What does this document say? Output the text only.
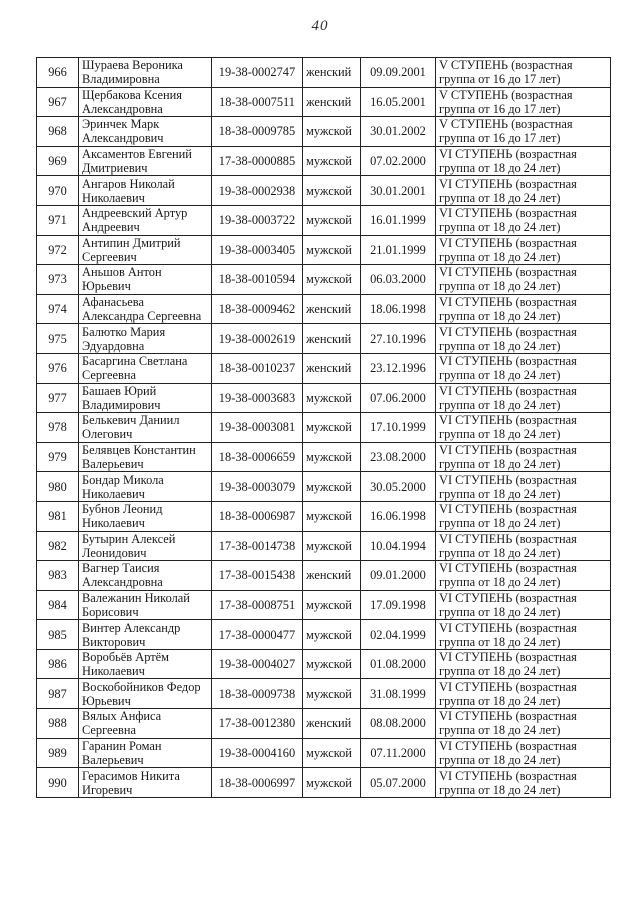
40
966	Шураева Вероника
Владимировна	19-38-0002747	женский	09.09.2001	V СТУПЕНЬ (возрастная
группа от 16 до 17 лет)

967	Щербакова Ксения
Александровна	18-38-0007511	женский	16.05.2001	V СТУПЕНЬ (возрастная
группа от 16 до 17 лет)

968	Эринчек Марк
Александрович	18-38-0009785	мужской	30.01.2002	V СТУПЕНЬ (возрастная
группа от 16 до 17 лет)

969	Аксаментов Евгений
Дмитриевич	17-38-0000885	мужской	07.02.2000	VI СТУПЕНЬ (возрастная
группа от 18 до 24 лет)

970	Ангаров Николай
Николаевич	19-38-0002938	мужской	30.01.2001	VI СТУПЕНЬ (возрастная
группа от 18 до 24 лет)

971	Андреевский Артур
Андреевич	19-38-0003722	мужской	16.01.1999	VI СТУПЕНЬ (возрастная
группа от 18 до 24 лет)

972	Антипин Дмитрий
Сергеевич	19-38-0003405	мужской	21.01.1999	VI СТУПЕНЬ (возрастная
группа от 18 до 24 лет)

973	Аньшов Антон
Юрьевич	18-38-0010594	мужской	06.03.2000	VI СТУПЕНЬ (возрастная
группа от 18 до 24 лет)

974	Афанасьева
Александра Сергеевна	18-38-0009462	женский	18.06.1998	VI СТУПЕНЬ (возрастная
группа от 18 до 24 лет)

975	Балютко Мария
Эдуардовна	19-38-0002619	женский	27.10.1996	VI СТУПЕНЬ (возрастная
группа от 18 до 24 лет)

976	Басаргина Светлана
Сергеевна	18-38-0010237	женский	23.12.1996	VI СТУПЕНЬ (возрастная
группа от 18 до 24 лет)

977	Башаев Юрий
Владимирович	19-38-0003683	мужской	07.06.2000	VI СТУПЕНЬ (возрастная
группа от 18 до 24 лет)

978	Белькевич Даниил
Олегович	19-38-0003081	мужской	17.10.1999	VI СТУПЕНЬ (возрастная
группа от 18 до 24 лет)

979	Белявцев Константин
Валерьевич	18-38-0006659	мужской	23.08.2000	VI СТУПЕНЬ (возрастная
группа от 18 до 24 лет)

980	Бондар Микола
Николаевич	19-38-0003079	мужской	30.05.2000	VI СТУПЕНЬ (возрастная
группа от 18 до 24 лет)

981	Бубнов Леонид
Николаевич	18-38-0006987	мужской	16.06.1998	VI СТУПЕНЬ (возрастная
группа от 18 до 24 лет)

982	Бутырин Алексей
Леонидович	17-38-0014738	мужской	10.04.1994	VI СТУПЕНЬ (возрастная
группа от 18 до 24 лет)

983	Вагнер Таисия
Александровна	17-38-0015438	женский	09.01.2000	VI СТУПЕНЬ (возрастная
группа от 18 до 24 лет)

984	Валежанин Николай
Борисович	17-38-0008751	мужской	17.09.1998	VI СТУПЕНЬ (возрастная
группа от 18 до 24 лет)

985	Винтер Александр
Викторович	17-38-0000477	мужской	02.04.1999	VI СТУПЕНЬ (возрастная
группа от 18 до 24 лет)

986	Воробьёв Артём
Николаевич	19-38-0004027	мужской	01.08.2000	VI СТУПЕНЬ (возрастная
группа от 18 до 24 лет)

987	Воскобойников Федор
Юрьевич	18-38-0009738	мужской	31.08.1999	VI СТУПЕНЬ (возрастная
группа от 18 до 24 лет)

988	Вялых Анфиса
Сергеевна	17-38-0012380	женский	08.08.2000	VI СТУПЕНЬ (возрастная
группа от 18 до 24 лет)

989	Гаранин Роман
Валерьевич	19-38-0004160	мужской	07.11.2000	VI СТУПЕНЬ (возрастная
группа от 18 до 24 лет)

990	Герасимов Никита
Игоревич	18-38-0006997	мужской	05.07.2000	VI СТУПЕНЬ (возрастная
группа от 18 до 24 лет)
